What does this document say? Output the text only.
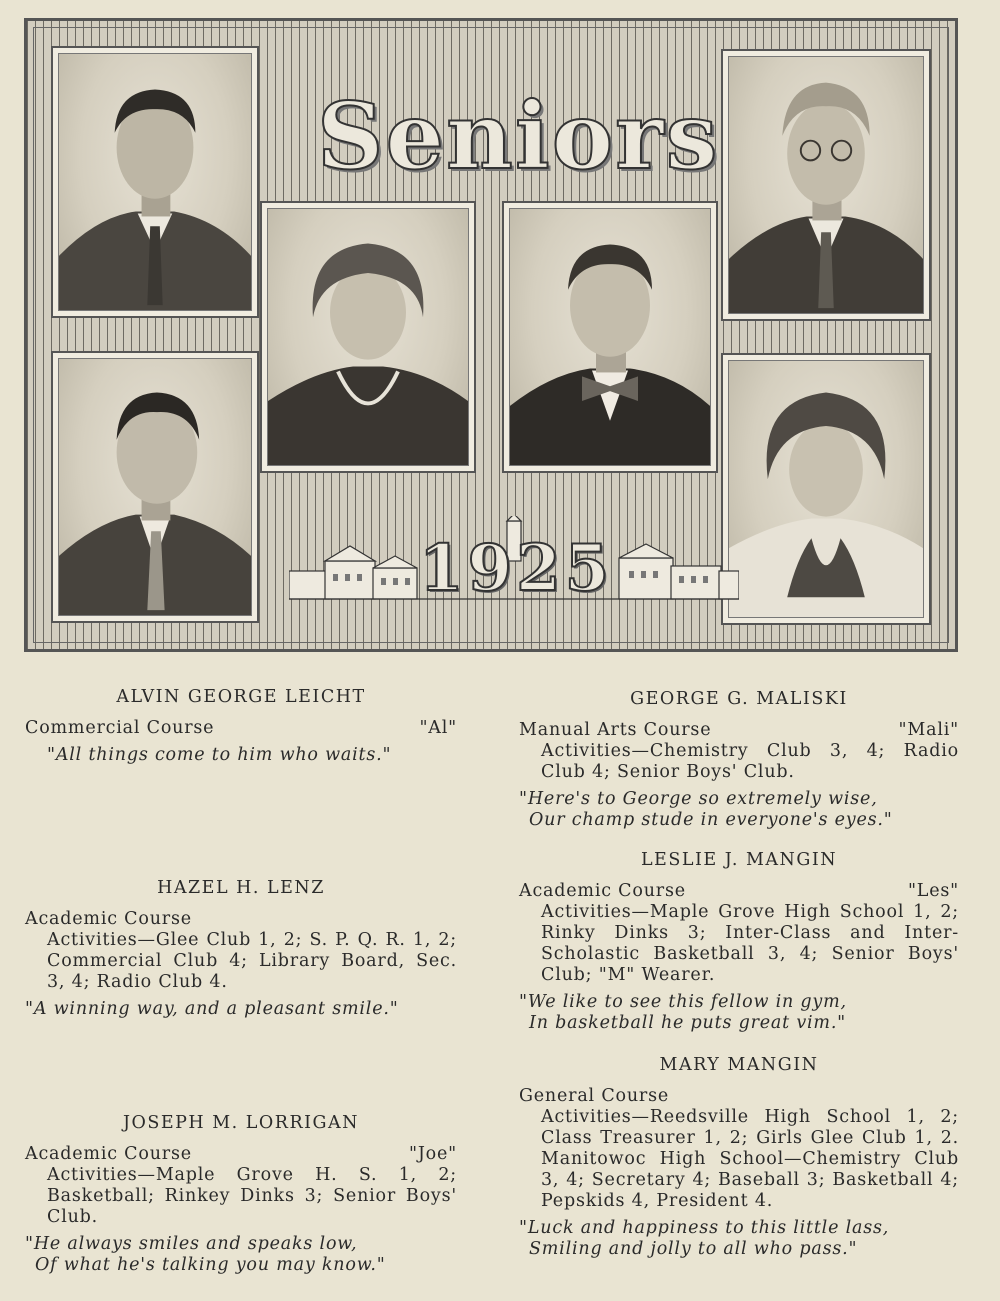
Seniors
1925
ALVIN GEORGE LEICHT
Commercial Course	"Al"
"All things come to him who waits."
HAZEL H. LENZ
Academic Course
Activities—Glee Club 1, 2; S. P. Q. R. 1, 2; Commercial Club 4; Library Board, Sec. 3, 4; Radio Club 4.
"A winning way, and a pleasant smile."
JOSEPH M. LORRIGAN
Academic Course	"Joe"
Activities—Maple Grove H. S. 1, 2; Basketball; Rinkey Dinks 3; Senior Boys' Club.
"He always smiles and speaks low,
Of what he's talking you may know."
GEORGE G. MALISKI
Manual Arts Course	"Mali"
Activities—Chemistry Club 3, 4; Radio Club 4; Senior Boys' Club.
"Here's to George so extremely wise,
Our champ stude in everyone's eyes."
LESLIE J. MANGIN
Academic Course	"Les"
Activities—Maple Grove High School 1, 2; Rinky Dinks 3; Inter-Class and Inter-Scholastic Basketball 3, 4; Senior Boys' Club; "M" Wearer.
"We like to see this fellow in gym,
In basketball he puts great vim."
MARY MANGIN
General Course
Activities—Reedsville High School 1, 2; Class Treasurer 1, 2; Girls Glee Club 1, 2. Manitowoc High School—Chemistry Club 3, 4; Secretary 4; Baseball 3; Basketball 4; Pepskids 4, President 4.
"Luck and happiness to this little lass,
Smiling and jolly to all who pass."
